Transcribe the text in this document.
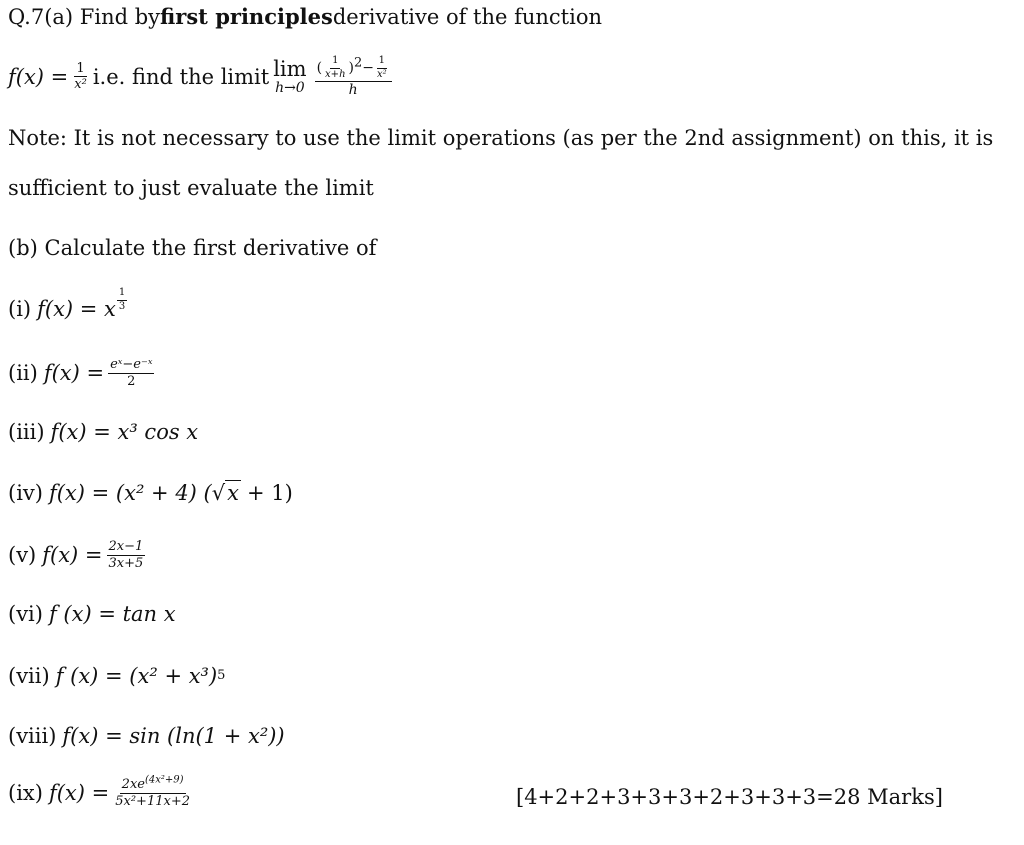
Q.7(a) Find by first principles derivative of the function
$f(x) = \frac{1}{\text{x²}} i.e$. find the limit lim
$h\to 0 \frac{( \frac{1}{x+h} )^2- \frac{1}{\text{x²}}}{h}$
Note: It is not necessary to use the limit operations (as per the 2nd assignment) on this, it is
sufficient to just evaluate the limit
(b) Calculate the first derivative of
(i) f(x) = x $\frac{1}{3}$
(ii) $f(x) = \frac{\text{eˣ−e⁻ˣ}}{2}$
(iii) f(x) = x³ cos x
(iv) f(x) = (x² + 4) ( √ x + 1)
(v) $f(x) = \frac{2x-1}{3x+5}$
(vi) f (x) = tan x
(vii) f (x) = (x² + x³) 5
(viii) f(x) = sin (ln(1 + x²))
(ix) $f(x) = \frac{2xe^{(4x^2+9)}}{\text{5x²+11x+2}}$	[4+2+2+3+3+3+2+3+3+3=28 Marks]
